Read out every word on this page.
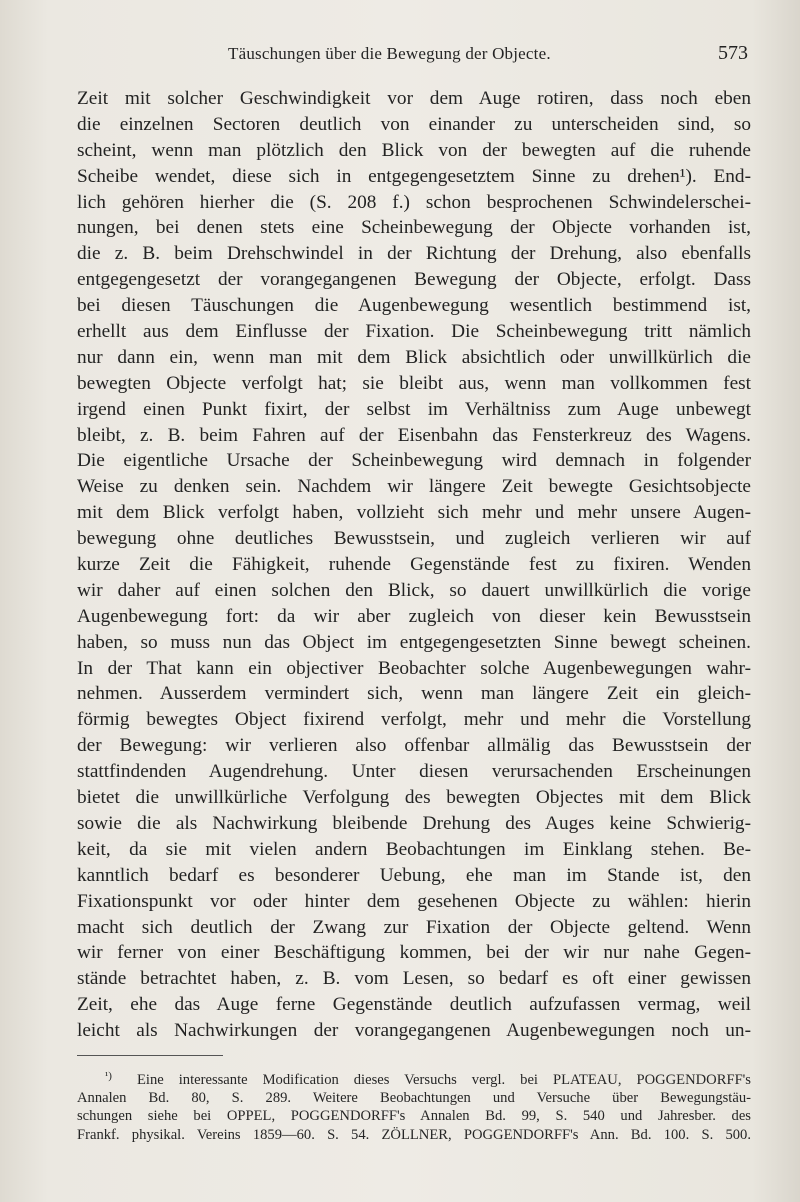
Täuschungen über die Bewegung der Objecte.	573
Zeit mit solcher Geschwindigkeit vor dem Auge rotiren, dass noch eben
die einzelnen Sectoren deutlich von einander zu unterscheiden sind, so
scheint, wenn man plötzlich den Blick von der bewegten auf die ruhende
Scheibe wendet, diese sich in entgegengesetztem Sinne zu drehen¹). End-
lich gehören hierher die (S. 208 f.) schon besprochenen Schwindelerschei-
nungen, bei denen stets eine Scheinbewegung der Objecte vorhanden ist,
die z. B. beim Drehschwindel in der Richtung der Drehung, also ebenfalls
entgegengesetzt der vorangegangenen Bewegung der Objecte, erfolgt. Dass
bei diesen Täuschungen die Augenbewegung wesentlich bestimmend ist,
erhellt aus dem Einflusse der Fixation. Die Scheinbewegung tritt nämlich
nur dann ein, wenn man mit dem Blick absichtlich oder unwillkürlich die
bewegten Objecte verfolgt hat; sie bleibt aus, wenn man vollkommen fest
irgend einen Punkt fixirt, der selbst im Verhältniss zum Auge unbewegt
bleibt, z. B. beim Fahren auf der Eisenbahn das Fensterkreuz des Wagens.
Die eigentliche Ursache der Scheinbewegung wird demnach in folgender
Weise zu denken sein. Nachdem wir längere Zeit bewegte Gesichtsobjecte
mit dem Blick verfolgt haben, vollzieht sich mehr und mehr unsere Augen-
bewegung ohne deutliches Bewusstsein, und zugleich verlieren wir auf
kurze Zeit die Fähigkeit, ruhende Gegenstände fest zu fixiren. Wenden
wir daher auf einen solchen den Blick, so dauert unwillkürlich die vorige
Augenbewegung fort: da wir aber zugleich von dieser kein Bewusstsein
haben, so muss nun das Object im entgegengesetzten Sinne bewegt scheinen.
In der That kann ein objectiver Beobachter solche Augenbewegungen wahr-
nehmen. Ausserdem vermindert sich, wenn man längere Zeit ein gleich-
förmig bewegtes Object fixirend verfolgt, mehr und mehr die Vorstellung
der Bewegung: wir verlieren also offenbar allmälig das Bewusstsein der
stattfindenden Augendrehung. Unter diesen verursachenden Erscheinungen
bietet die unwillkürliche Verfolgung des bewegten Objectes mit dem Blick
sowie die als Nachwirkung bleibende Drehung des Auges keine Schwierig-
keit, da sie mit vielen andern Beobachtungen im Einklang stehen. Be-
kanntlich bedarf es besonderer Uebung, ehe man im Stande ist, den
Fixationspunkt vor oder hinter dem gesehenen Objecte zu wählen: hierin
macht sich deutlich der Zwang zur Fixation der Objecte geltend. Wenn
wir ferner von einer Beschäftigung kommen, bei der wir nur nahe Gegen-
stände betrachtet haben, z. B. vom Lesen, so bedarf es oft einer gewissen
Zeit, ehe das Auge ferne Gegenstände deutlich aufzufassen vermag, weil
leicht als Nachwirkungen der vorangegangenen Augenbewegungen noch un-
¹)	Eine interessante Modification dieses Versuchs vergl. bei PLATEAU, POGGENDORFF's
Annalen Bd. 80, S. 289. Weitere Beobachtungen und Versuche über Bewegungstäu-
schungen siehe bei OPPEL, POGGENDORFF's Annalen Bd. 99, S. 540 und Jahresber. des
Frankf. physikal. Vereins 1859—60. S. 54. ZÖLLNER, POGGENDORFF's Ann. Bd. 100. S. 500.
